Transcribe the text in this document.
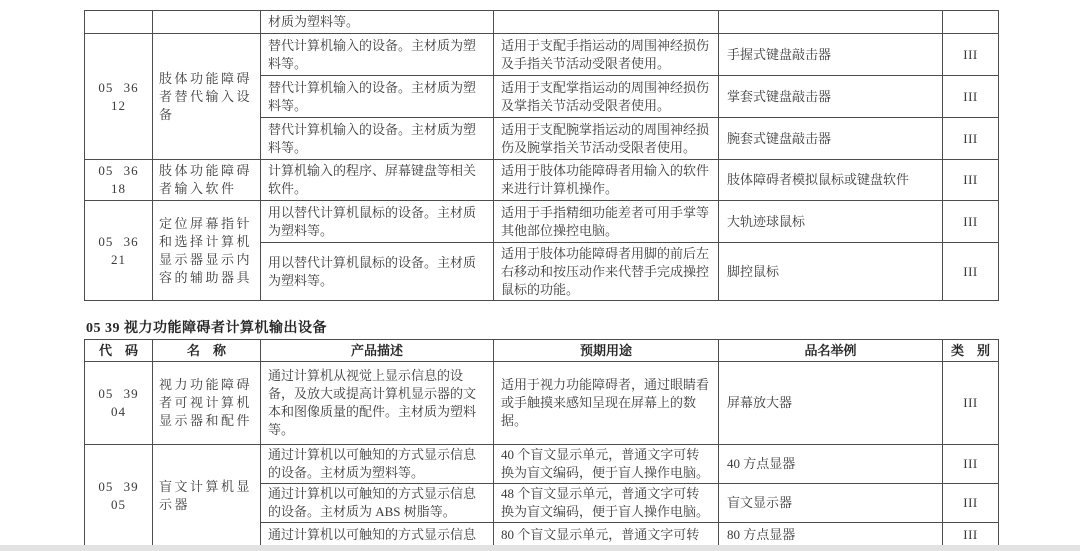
		材质为塑料等。			
05 36 12	肢体功能障碍者替代输入设备	替代计算机输入的设备。主材质为塑料等。	适用于支配手指运动的周围神经损伤及手指关节活动受限者使用。	手握式键盘敲击器	III
		替代计算机输入的设备。主材质为塑料等。	适用于支配掌指运动的周围神经损伤及掌指关节活动受限者使用。	掌套式键盘敲击器	III
		替代计算机输入的设备。主材质为塑料等。	适用于支配腕掌指运动的周围神经损伤及腕掌指关节活动受限者使用。	腕套式键盘敲击器	III
05 36 18	肢体功能障碍者输入软件	计算机输入的程序、屏幕键盘等相关软件。	适用于肢体功能障碍者用输入的软件来进行计算机操作。	肢体障碍者模拟鼠标或键盘软件	III
05 36 21	定位屏幕指针和选择计算机显示器显示内容的辅助器具	用以替代计算机鼠标的设备。主材质为塑料等。	适用于手指精细功能差者可用手掌等其他部位操控电脑。	大轨迹球鼠标	III
		用以替代计算机鼠标的设备。主材质为塑料等。	适用于肢体功能障碍者用脚的前后左右移动和按压动作来代替手完成操控鼠标的功能。	脚控鼠标	III
05 39 视力功能障碍者计算机输出设备
代　码	名　称	产品描述	预期用途	品名举例	类　别
05 39 04	视力功能障碍者可视计算机显示器和配件	通过计算机从视觉上显示信息的设备，及放大或提高计算机显示器的文本和图像质量的配件。主材质为塑料等。	适用于视力功能障碍者，通过眼睛看或手触摸来感知呈现在屏幕上的数据。	屏幕放大器	III
05 39 05	盲文计算机显示器	通过计算机以可触知的方式显示信息的设备。主材质为塑料等。	40 个盲文显示单元，普通文字可转换为盲文编码，便于盲人操作电脑。	40 方点显器	III
		通过计算机以可触知的方式显示信息的设备。主材质为 ABS 树脂等。	48 个盲文显示单元，普通文字可转换为盲文编码，便于盲人操作电脑。	盲文显示器	III
		通过计算机以可触知的方式显示信息	80 个盲文显示单元，普通文字可转	80 方点显器	III
